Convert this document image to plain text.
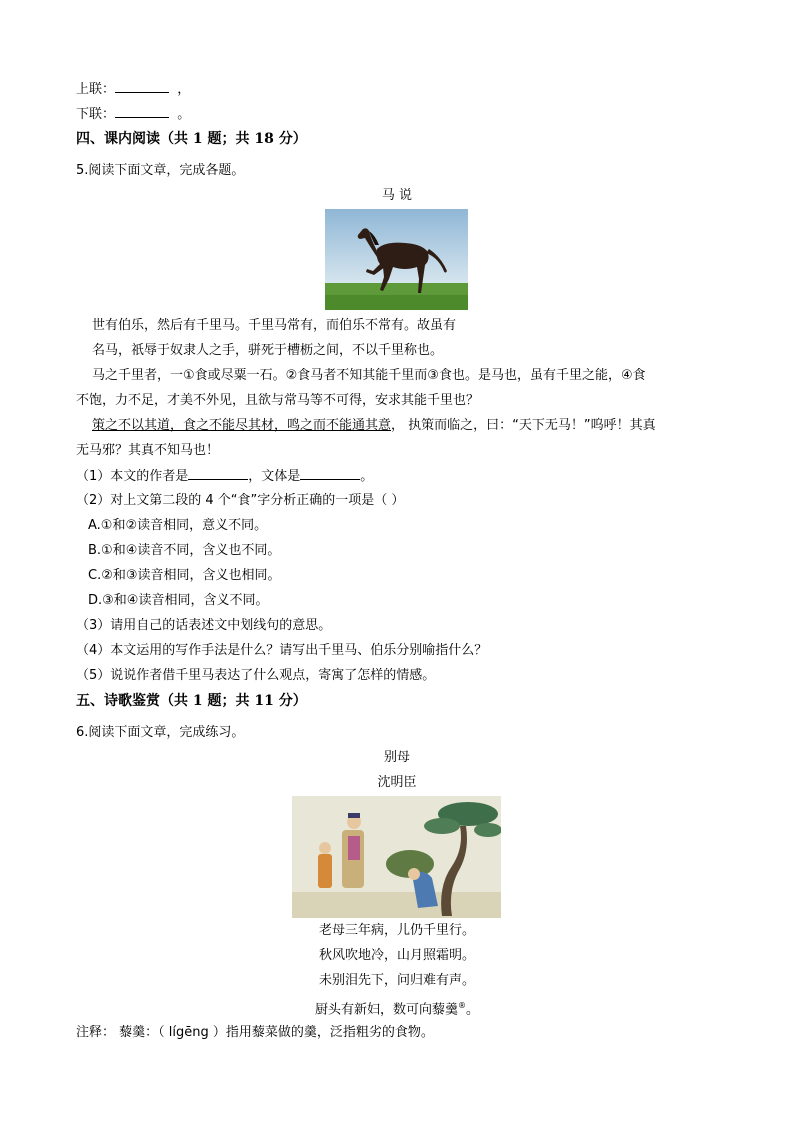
上联：	，
下联：	。
四、课内阅读（共 1 题；共 18 分）
5.阅读下面文章，完成各题。
马 说
世有伯乐，然后有千里马。千里马常有，而伯乐不常有。故虽有
名马，祇辱于奴隶人之手，骈死于槽枥之间，不以千里称也。
马之千里者，一①食或尽粟一石。②食马者不知其能千里而③食也。是马也，虽有千里之能，④食
不饱，力不足，才美不外见，且欲与常马等不可得，安求其能千里也？
策之不以其道，食之不能尽其材，鸣之而不能通其意， 执策而临之，曰：“天下无马！”呜呼！其真
无马邪？其真不知马也！
（1）本文的作者是	，文体是	。
（2）对上文第二段的 4 个“食”字分析正确的一项是（ ）
A.①和②读音相同，意义不同。
B.①和④读音不同，含义也不同。
C.②和③读音相同，含义也相同。
D.③和④读音相同，含义不同。
（3）请用自己的话表述文中划线句的意思。
（4）本文运用的写作手法是什么？请写出千里马、伯乐分别喻指什么？
（5）说说作者借千里马表达了什么观点，寄寓了怎样的情感。
五、诗歌鉴赏（共 1 题；共 11 分）
6.阅读下面文章，完成练习。
别母
沈明臣
老母三年病，儿仍千里行。
秋风吹地冷，山月照霜明。
未别泪先下，问归难有声。
厨头有新妇，数可向藜羹®。
注释： 藜羹：（ lígēng ）指用藜菜做的羹，泛指粗劣的食物。
